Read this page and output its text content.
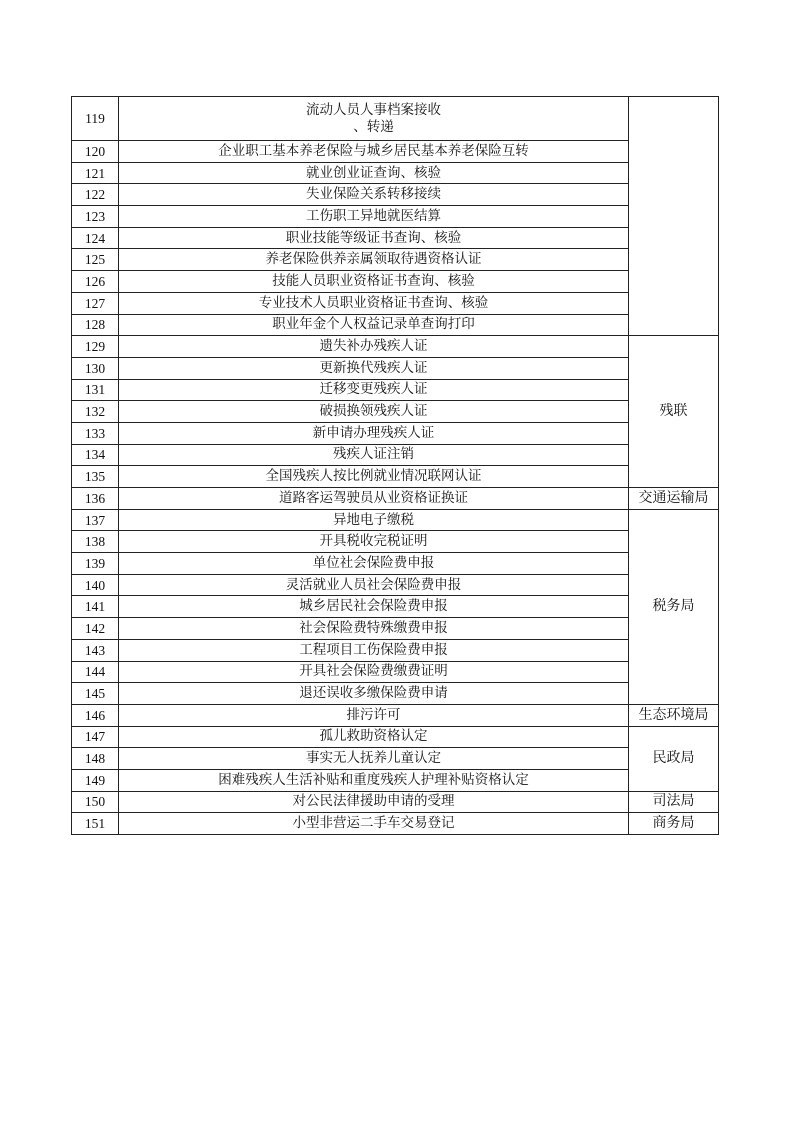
119	流动人员人事档案接收
、转递	

120	企业职工基本养老保险与城乡居民基本养老保险互转	
121	就业创业证查询、核验	
122	失业保险关系转移接续	
123	工伤职工异地就医结算	
124	职业技能等级证书查询、核验	
125	养老保险供养亲属领取待遇资格认证	
126	技能人员职业资格证书查询、核验	
127	专业技术人员职业资格证书查询、核验	
128	职业年金个人权益记录单查询打印	
129	遗失补办残疾人证	残联
130	更新换代残疾人证	
131	迁移变更残疾人证	
132	破损换领残疾人证	
133	新申请办理残疾人证	
134	残疾人证注销	
135	全国残疾人按比例就业情况联网认证	
136	道路客运驾驶员从业资格证换证	交通运输局
137	异地电子缴税	税务局
138	开具税收完税证明	
139	单位社会保险费申报	
140	灵活就业人员社会保险费申报	
141	城乡居民社会保险费申报	
142	社会保险费特殊缴费申报	
143	工程项目工伤保险费申报	
144	开具社会保险费缴费证明	
145	退还误收多缴保险费申请	
146	排污许可	生态环境局
147	孤儿救助资格认定	民政局
148	事实无人抚养儿童认定	
149	困难残疾人生活补贴和重度残疾人护理补贴资格认定	
150	对公民法律援助申请的受理	司法局
151	小型非营运二手车交易登记	商务局
